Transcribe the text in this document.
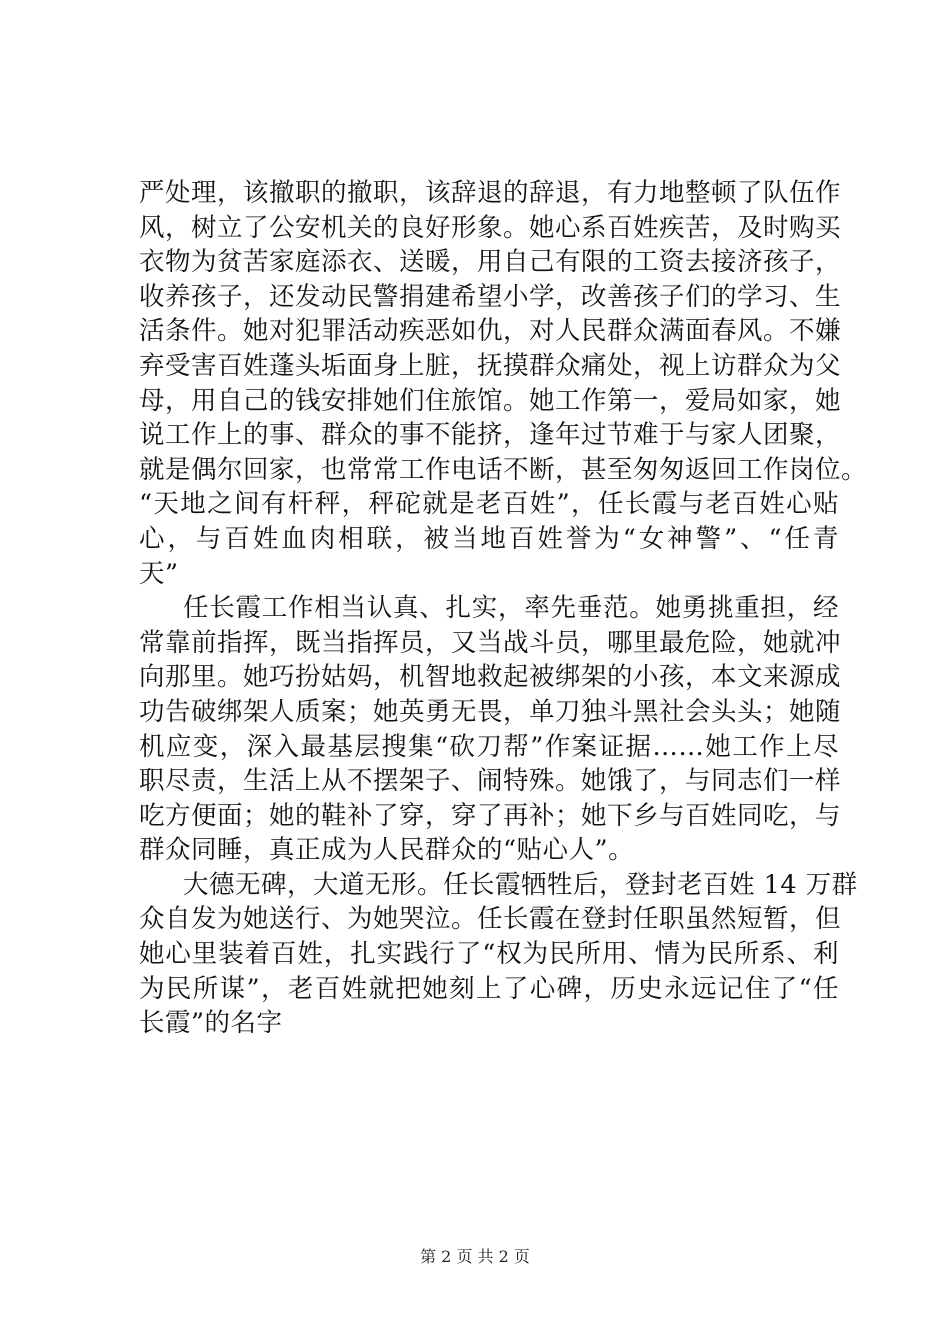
严处理，该撤职的撤职，该辞退的辞退，有力地整顿了队伍作
风，树立了公安机关的良好形象。她心系百姓疾苦，及时购买
衣物为贫苦家庭添衣、送暖，用自己有限的工资去接济孩子，
收养孩子，还发动民警捐建希望小学，改善孩子们的学习、生
活条件。她对犯罪活动疾恶如仇，对人民群众满面春风。不嫌
弃受害百姓蓬头垢面身上脏，抚摸群众痛处，视上访群众为父
母，用自己的钱安排她们住旅馆。她工作第一，爱局如家，她
说工作上的事、群众的事不能挤，逢年过节难于与家人团聚，
就是偶尔回家，也常常工作电话不断，甚至匆匆返回工作岗位。
“天地之间有杆秤，秤砣就是老百姓”，任长霞与老百姓心贴
心，与百姓血肉相联，被当地百姓誉为“女神警”、“任青
天”
任长霞工作相当认真、扎实，率先垂范。她勇挑重担，经
常靠前指挥，既当指挥员，又当战斗员，哪里最危险，她就冲
向那里。她巧扮姑妈，机智地救起被绑架的小孩，本文来源成
功告破绑架人质案；她英勇无畏，单刀独斗黑社会头头；她随
机应变，深入最基层搜集“砍刀帮”作案证据……她工作上尽
职尽责，生活上从不摆架子、闹特殊。她饿了，与同志们一样
吃方便面；她的鞋补了穿，穿了再补；她下乡与百姓同吃，与
群众同睡，真正成为人民群众的“贴心人”。
大德无碑，大道无形。任长霞牺牲后，登封老百姓 14 万群
众自发为她送行、为她哭泣。任长霞在登封任职虽然短暂，但
她心里装着百姓，扎实践行了“权为民所用、情为民所系、利
为民所谋”，老百姓就把她刻上了心碑，历史永远记住了“任
长霞”的名字
第 2 页 共 2 页
